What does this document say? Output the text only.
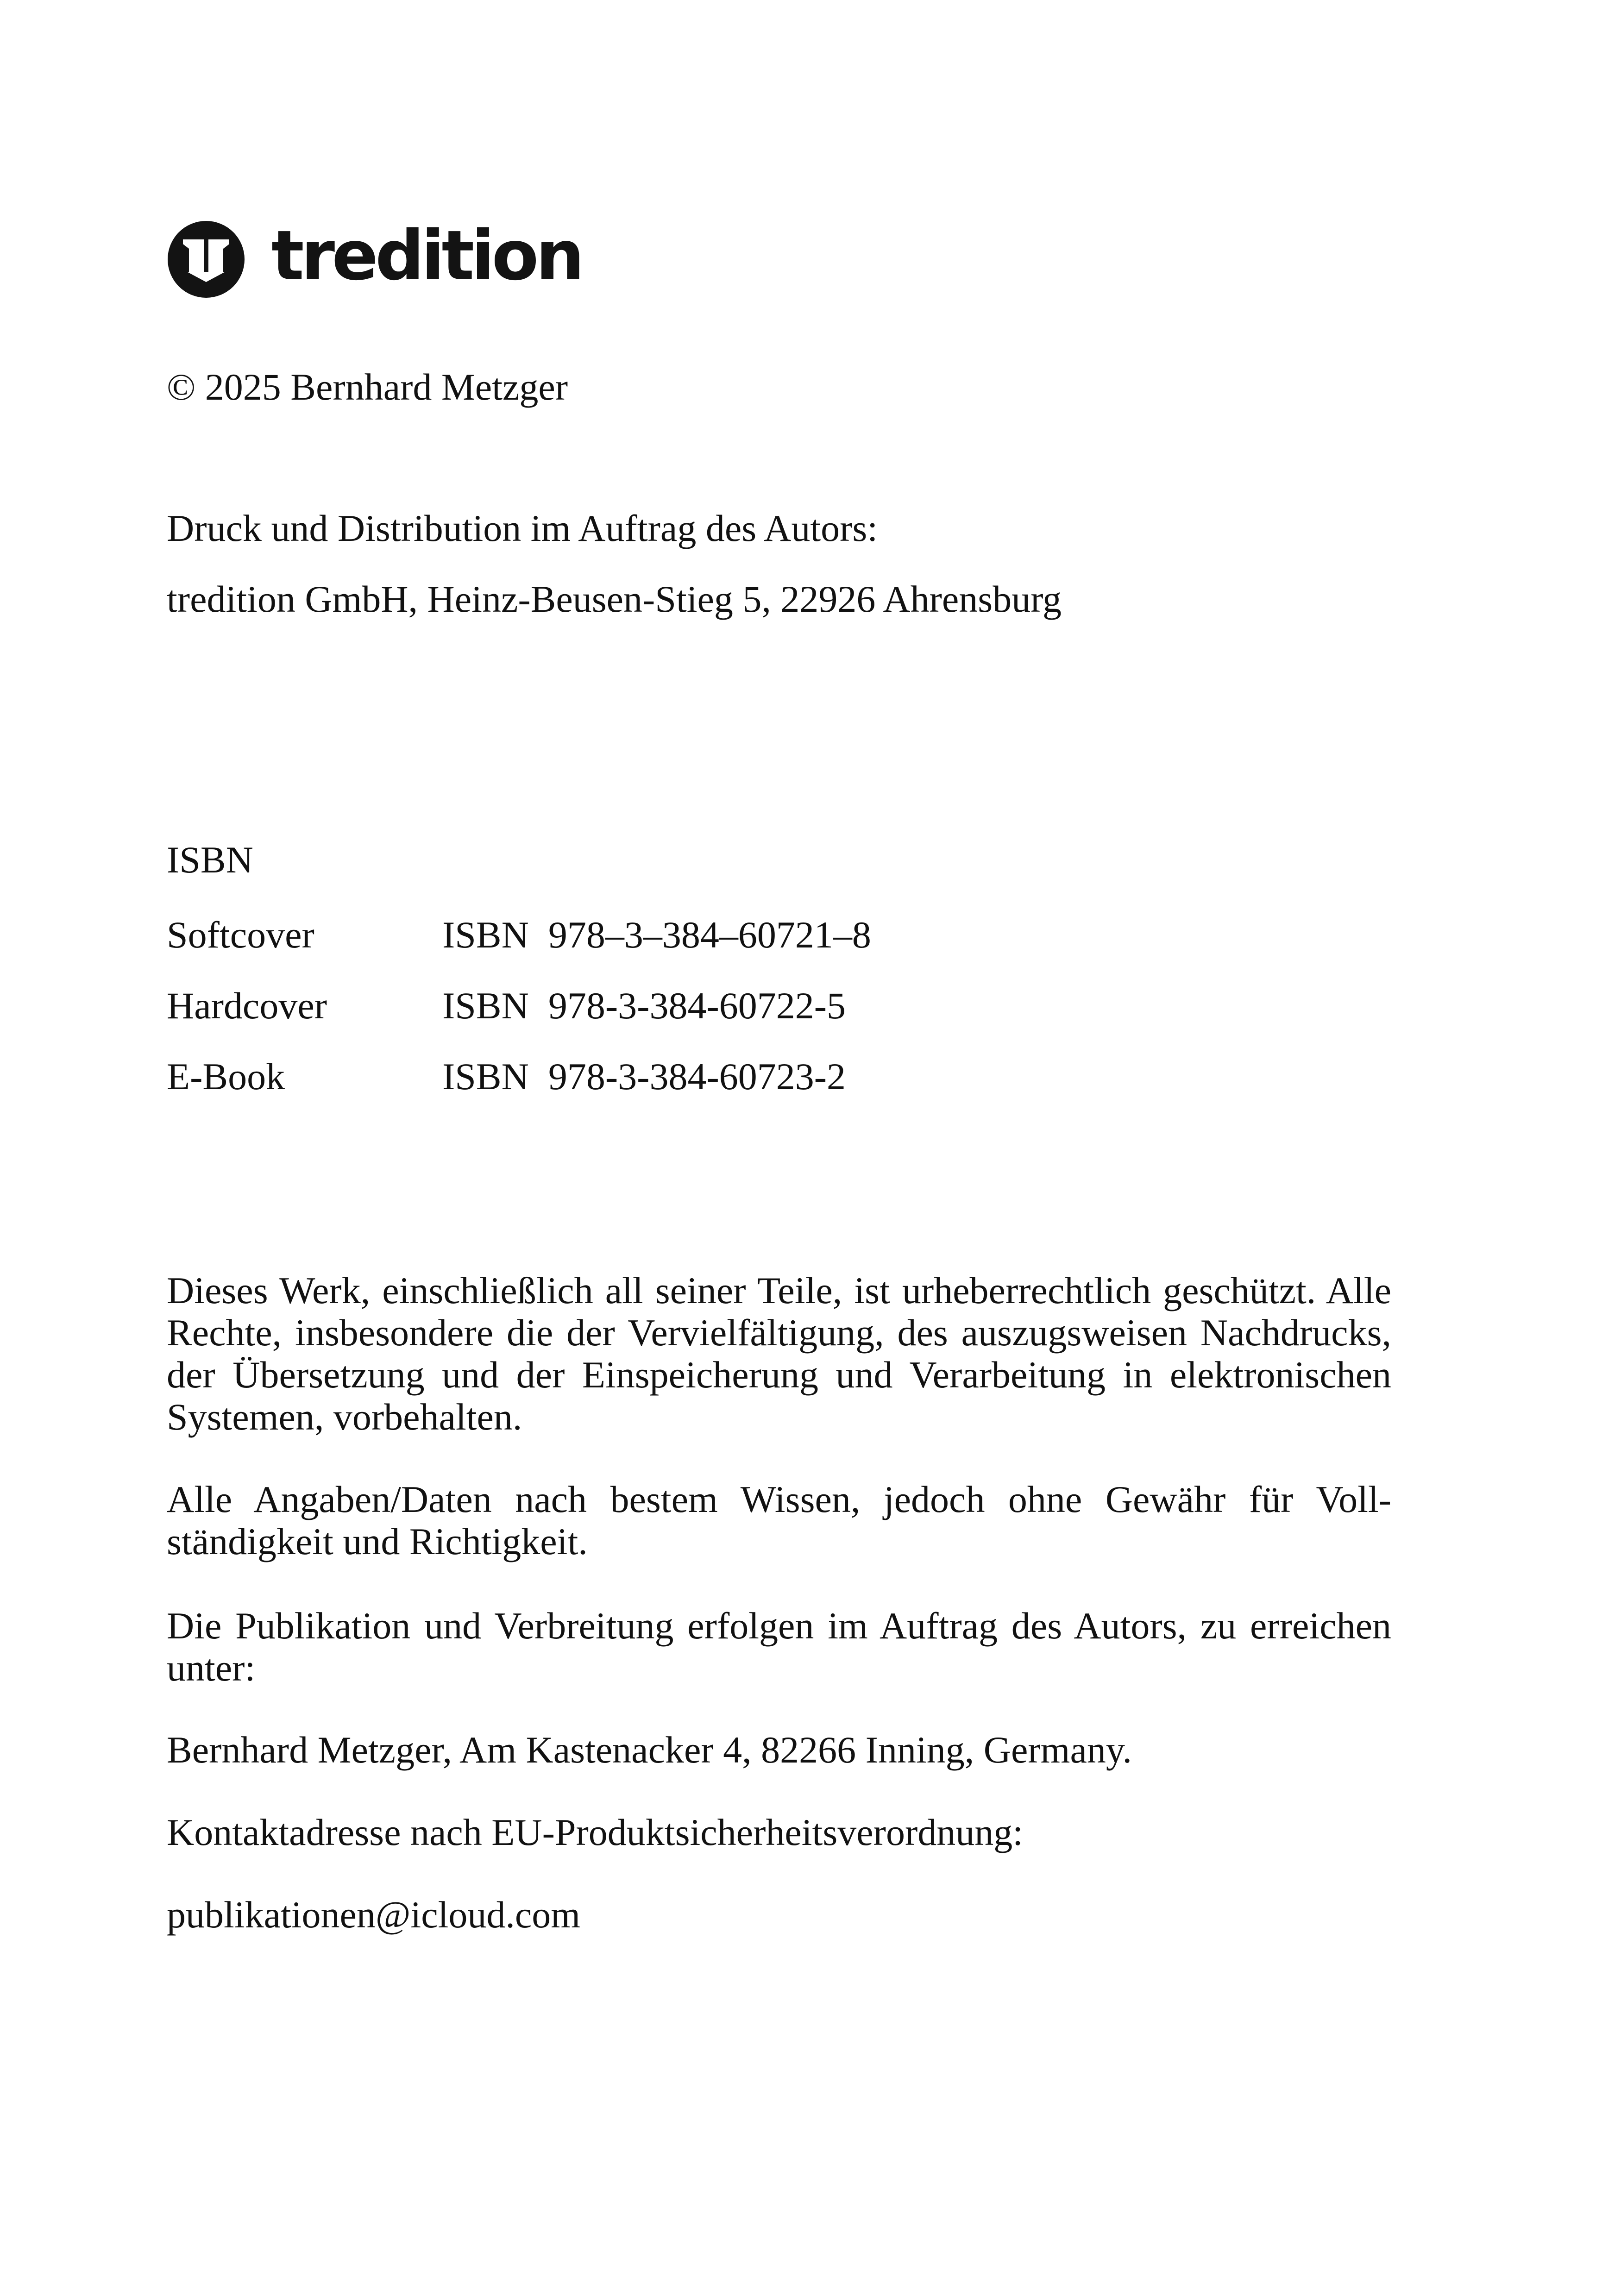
tredition

© 2025 Bernhard Metzger

Druck und Distribution im Auftrag des Autors:

tredition GmbH, Heinz-Beusen-Stieg 5, 22926 Ahrensburg

ISBN

Softcover	ISBN 978–3–384–60721–8
Hardcover	ISBN 978-3-384-60722-5
E-Book	ISBN 978-3-384-60723-2

Dieses Werk, einschließlich all seiner Teile, ist urheberrechtlich geschützt. Alle Rechte, insbesondere die der Vervielfältigung, des auszugsweisen Nachdrucks, der Übersetzung und der Einspeicherung und Verarbeitung in elektronischen Systemen, vorbehalten.

Alle Angaben/Daten nach bestem Wissen, jedoch ohne Gewähr für Vollständigkeit und Richtigkeit.

Die Publikation und Verbreitung erfolgen im Auftrag des Autors, zu erreichen unter:

Bernhard Metzger, Am Kastenacker 4, 82266 Inning, Germany.

Kontaktadresse nach EU-Produktsicherheitsverordnung:

publikationen@icloud.com
